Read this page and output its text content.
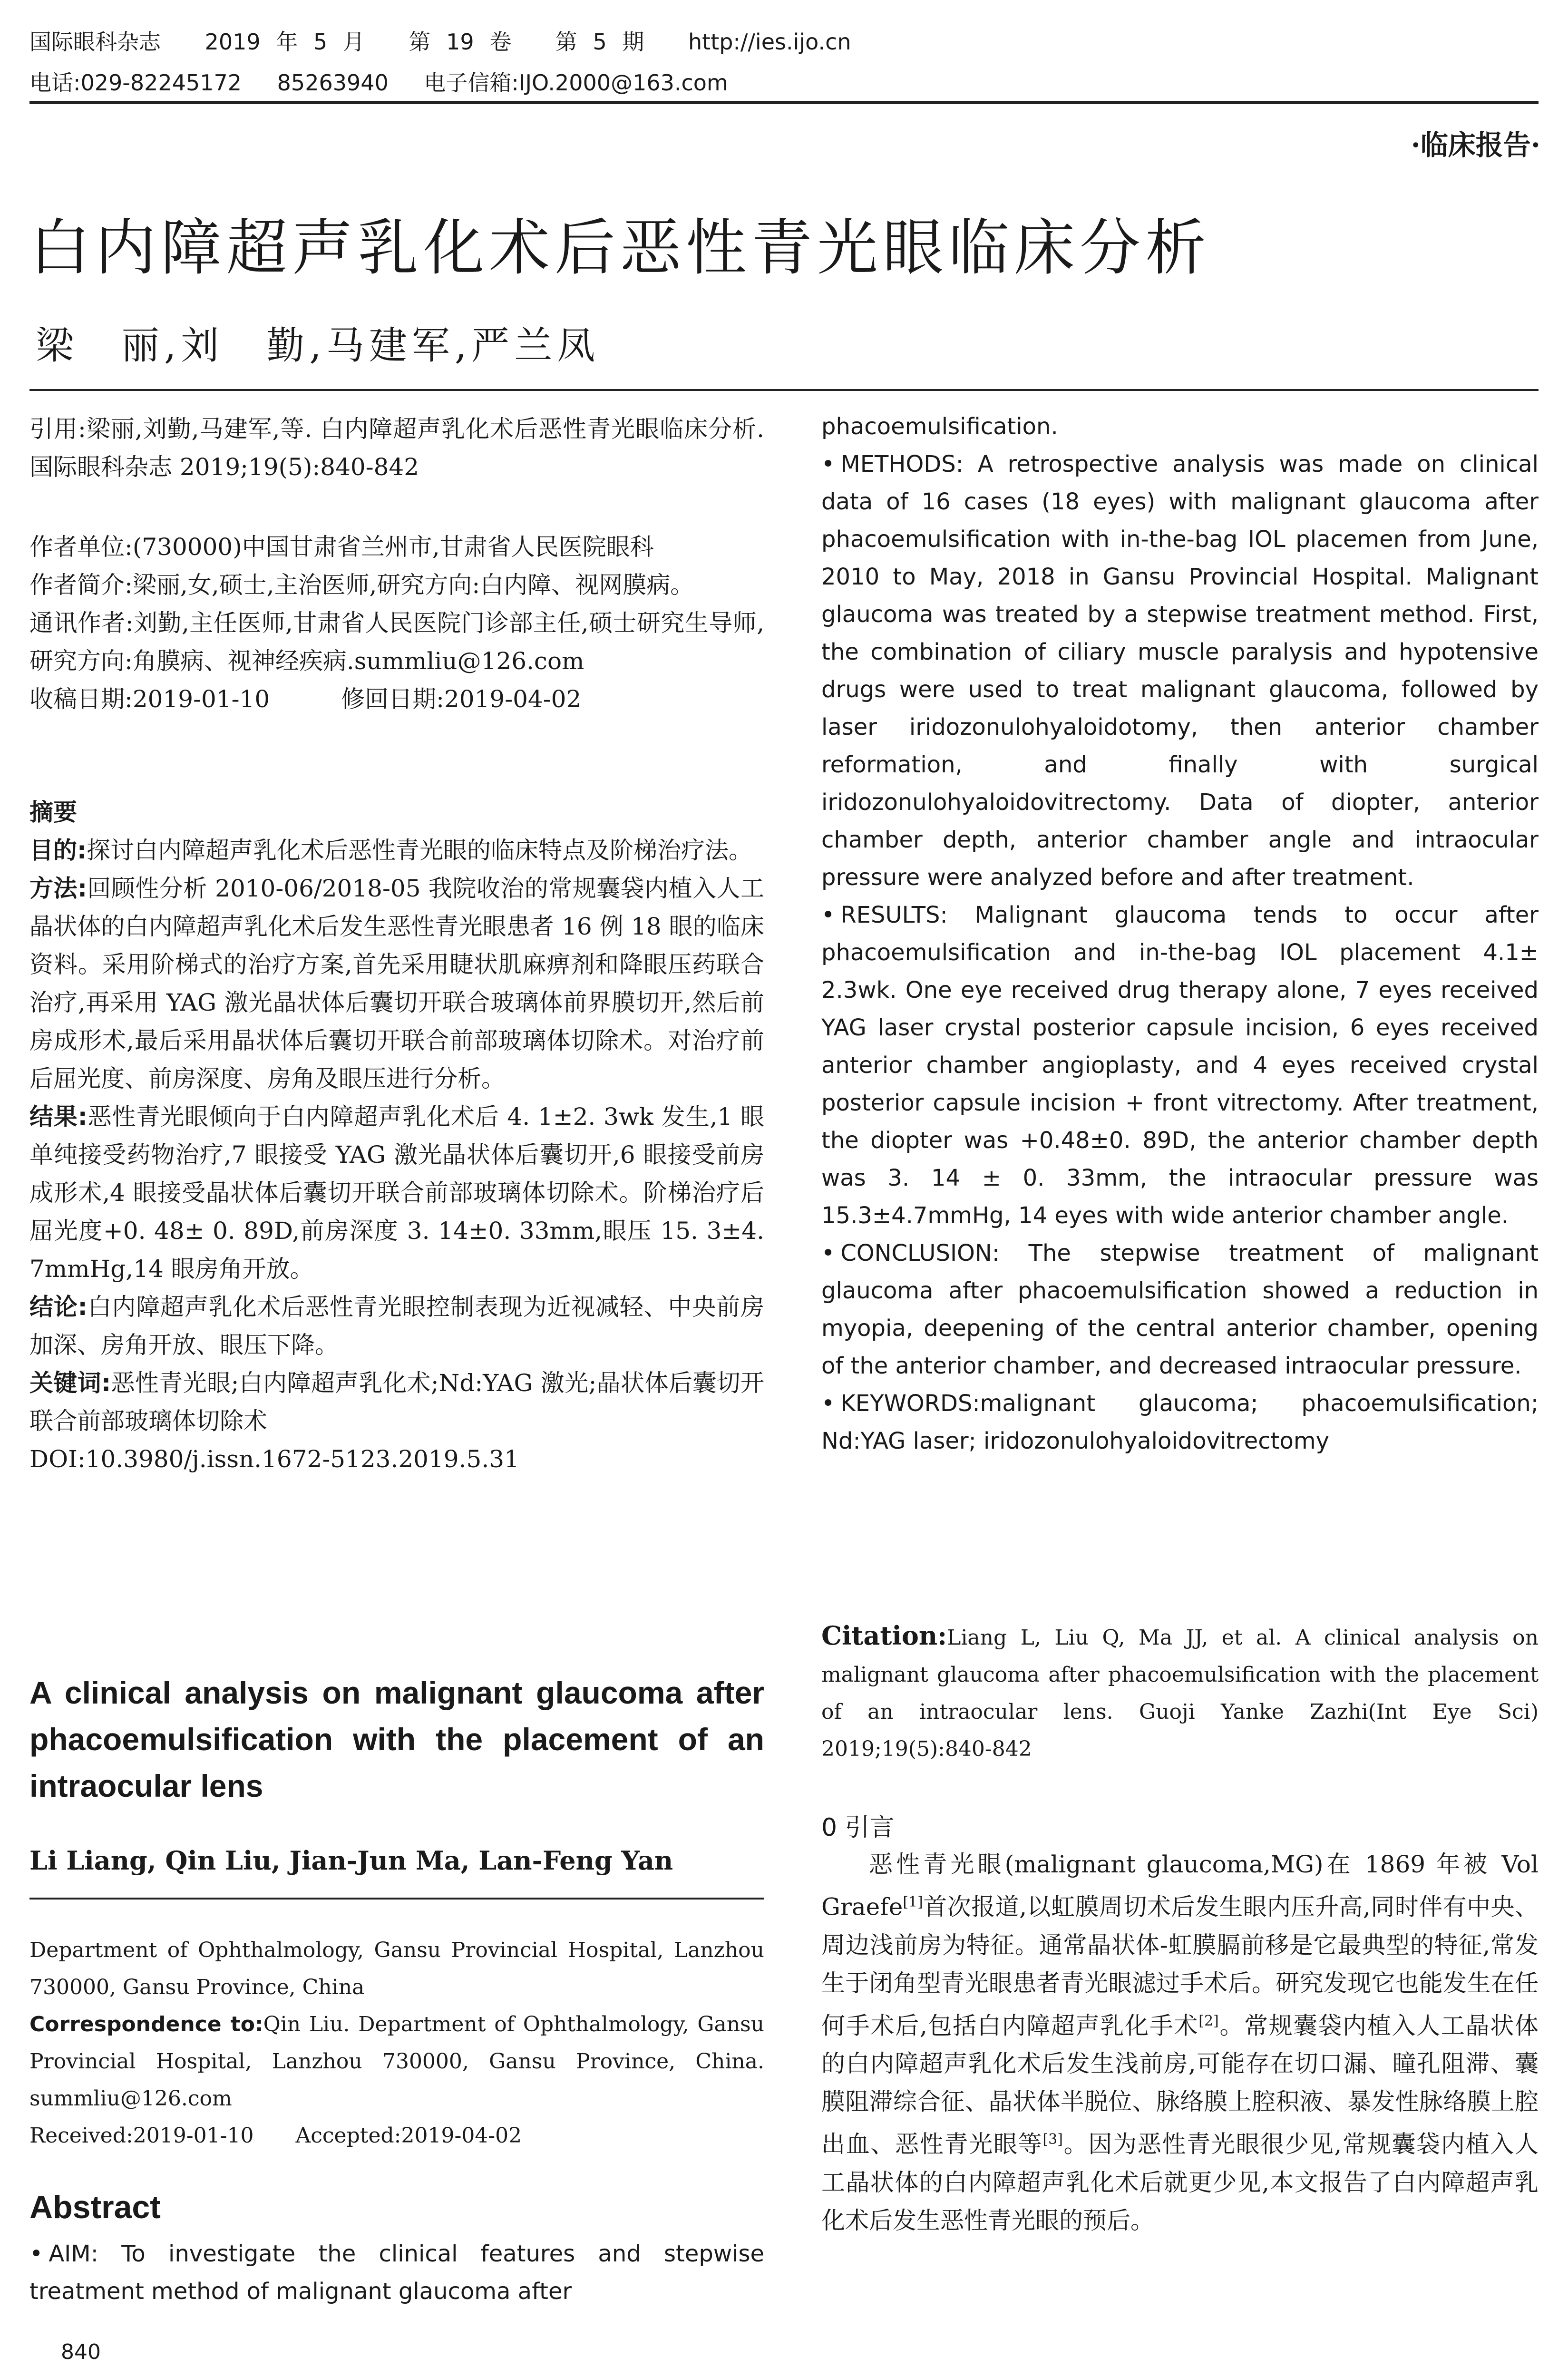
国际眼科杂志 2019 年 5 月 第 19 卷 第 5 期 http://ies.ijo.cn
电话:029-82245172 85263940 电子信箱:IJO.2000@163.com
·临床报告·
白内障超声乳化术后恶性青光眼临床分析
梁　丽,刘　勤,马建军,严兰凤

引用:梁丽,刘勤,马建军,等. 白内障超声乳化术后恶性青光眼临床分析.国际眼科杂志 2019;19(5):840-842

作者单位:(730000)中国甘肃省兰州市,甘肃省人民医院眼科

作者简介:梁丽,女,硕士,主治医师,研究方向:白内障、视网膜病。

通讯作者:刘勤,主任医师,甘肃省人民医院门诊部主任,硕士研究生导师,研究方向:角膜病、视神经疾病.summliu@126.com

收稿日期:2019-01-10　　　修回日期:2019-04-02

摘要

目的:探讨白内障超声乳化术后恶性青光眼的临床特点及阶梯治疗法。

方法:回顾性分析 2010-06/2018-05 我院收治的常规囊袋内植入人工晶状体的白内障超声乳化术后发生恶性青光眼患者 16 例 18 眼的临床资料。采用阶梯式的治疗方案,首先采用睫状肌麻痹剂和降眼压药联合治疗,再采用 YAG 激光晶状体后囊切开联合玻璃体前界膜切开,然后前房成形术,最后采用晶状体后囊切开联合前部玻璃体切除术。对治疗前后屈光度、前房深度、房角及眼压进行分析。

结果:恶性青光眼倾向于白内障超声乳化术后 4. 1±2. 3wk 发生,1 眼单纯接受药物治疗,7 眼接受 YAG 激光晶状体后囊切开,6 眼接受前房成形术,4 眼接受晶状体后囊切开联合前部玻璃体切除术。阶梯治疗后屈光度+0. 48± 0. 89D,前房深度 3. 14±0. 33mm,眼压 15. 3±4. 7mmHg,14 眼房角开放。

结论:白内障超声乳化术后恶性青光眼控制表现为近视减轻、中央前房加深、房角开放、眼压下降。

关键词:恶性青光眼;白内障超声乳化术;Nd:YAG 激光;晶状体后囊切开联合前部玻璃体切除术

DOI:10.3980/j.issn.1672-5123.2019.5.31

A clinical analysis on malignant glaucoma after phacoemulsification with the placement of an intraocular lens
Li Liang, Qin Liu, Jian-Jun Ma, Lan-Feng Yan

Department of Ophthalmology, Gansu Provincial Hospital, Lanzhou 730000, Gansu Province, China

Correspondence to:Qin Liu. Department of Ophthalmology, Gansu Provincial Hospital, Lanzhou 730000, Gansu Province, China. summliu@126.com

Received:2019-01-10　　Accepted:2019-04-02

Abstract

• AIM: To investigate the clinical features and stepwise treatment method of malignant glaucoma after

840

phacoemulsification.

• METHODS: A retrospective analysis was made on clinical data of 16 cases (18 eyes) with malignant glaucoma after phacoemulsification with in-the-bag IOL placemen from June, 2010 to May, 2018 in Gansu Provincial Hospital. Malignant glaucoma was treated by a stepwise treatment method. First, the combination of ciliary muscle paralysis and hypotensive drugs were used to treat malignant glaucoma, followed by laser iridozonulohyaloidotomy, then anterior chamber reformation, and finally with surgical iridozonulohyaloidovitrectomy. Data of diopter, anterior chamber depth, anterior chamber angle and intraocular pressure were analyzed before and after treatment.

• RESULTS: Malignant glaucoma tends to occur after phacoemulsification and in-the-bag IOL placement 4.1± 2.3wk. One eye received drug therapy alone, 7 eyes received YAG laser crystal posterior capsule incision, 6 eyes received anterior chamber angioplasty, and 4 eyes received crystal posterior capsule incision + front vitrectomy. After treatment, the diopter was +0.48±0. 89D, the anterior chamber depth was 3. 14 ± 0. 33mm, the intraocular pressure was 15.3±4.7mmHg, 14 eyes with wide anterior chamber angle.

• CONCLUSION: The stepwise treatment of malignant glaucoma after phacoemulsification showed a reduction in myopia, deepening of the central anterior chamber, opening of the anterior chamber, and decreased intraocular pressure.

• KEYWORDS:malignant glaucoma; phacoemulsification; Nd:YAG laser; iridozonulohyaloidovitrectomy

Citation:Liang L, Liu Q, Ma JJ, et al. A clinical analysis on malignant glaucoma after phacoemulsification with the placement of an intraocular lens. Guoji Yanke Zazhi(Int Eye Sci) 2019;19(5):840-842

0 引言

恶性青光眼(malignant glaucoma,MG)在 1869 年被 Vol Graefe[1]首次报道,以虹膜周切术后发生眼内压升高,同时伴有中央、周边浅前房为特征。通常晶状体-虹膜膈前移是它最典型的特征,常发生于闭角型青光眼患者青光眼滤过手术后。研究发现它也能发生在任何手术后,包括白内障超声乳化手术[2]。常规囊袋内植入人工晶状体的白内障超声乳化术后发生浅前房,可能存在切口漏、瞳孔阻滞、囊膜阻滞综合征、晶状体半脱位、脉络膜上腔积液、暴发性脉络膜上腔出血、恶性青光眼等[3]。因为恶性青光眼很少见,常规囊袋内植入人工晶状体的白内障超声乳化术后就更少见,本文报告了白内障超声乳化术后发生恶性青光眼的预后。
